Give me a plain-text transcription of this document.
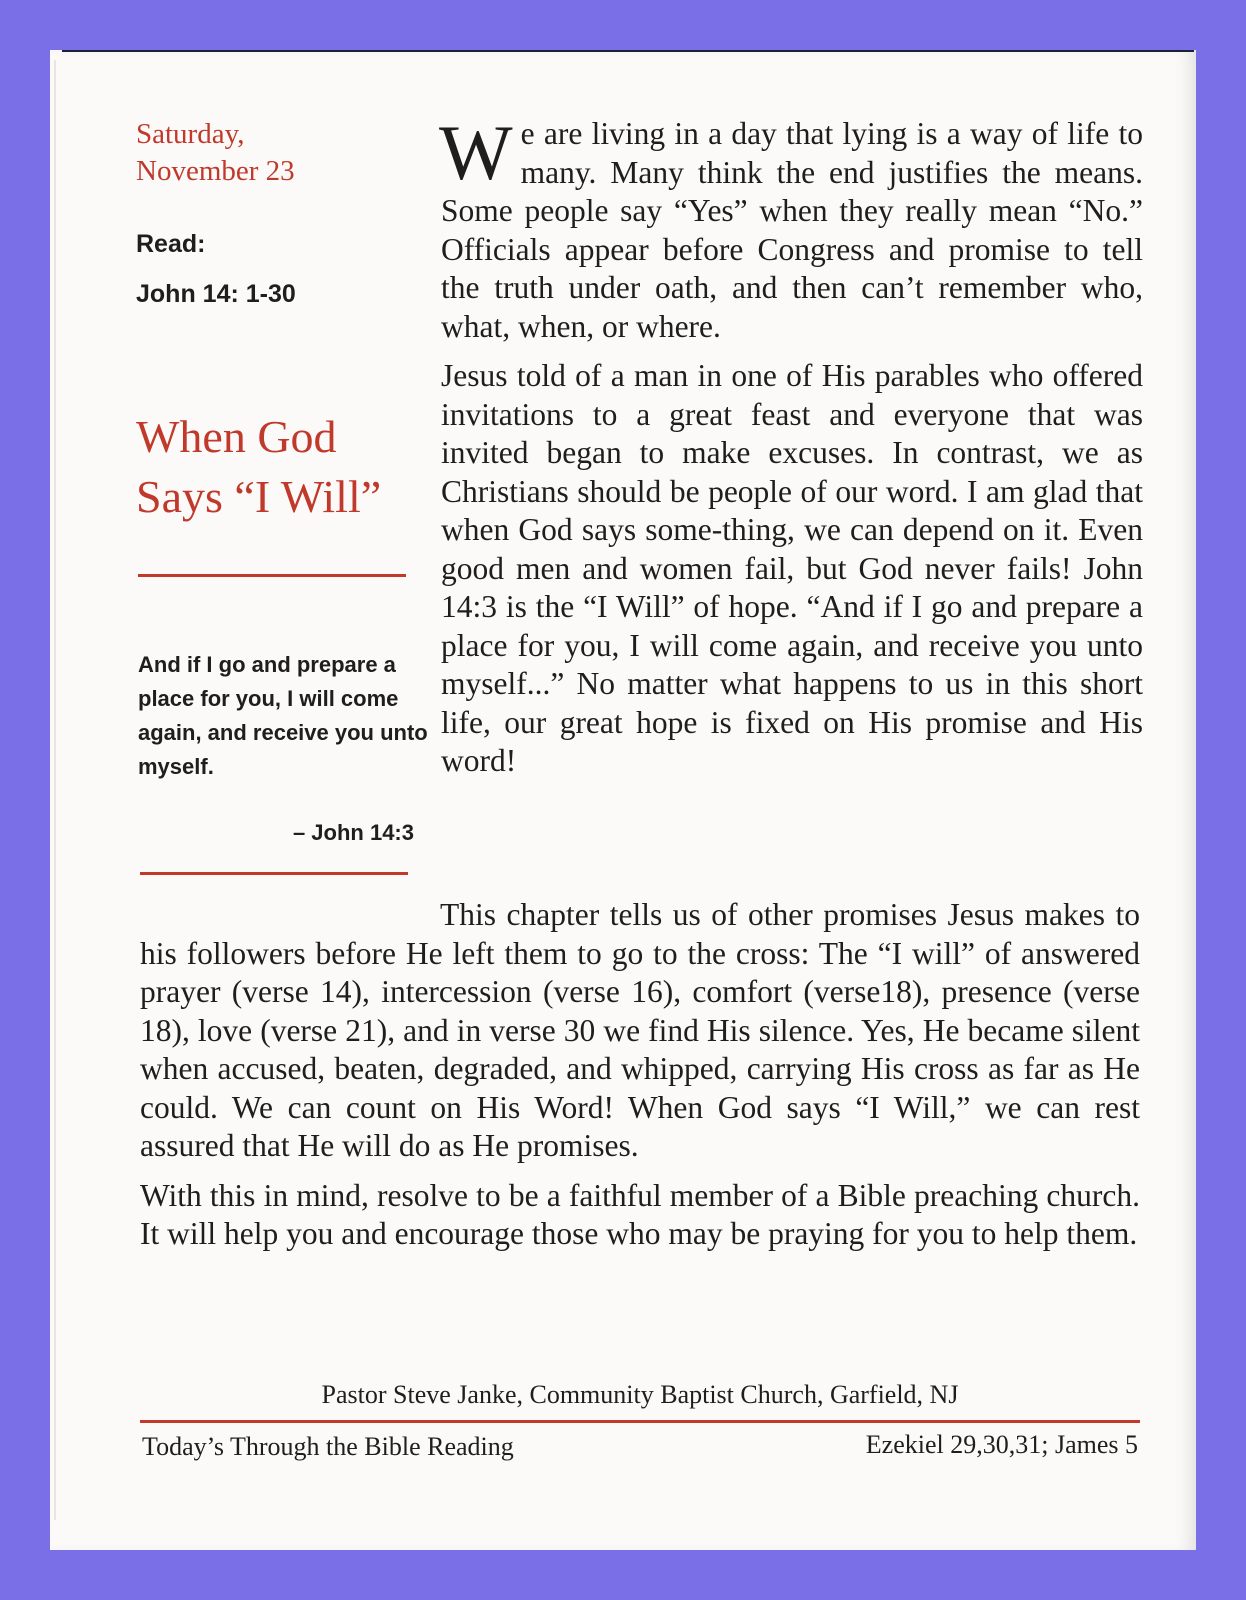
Saturday,
November 23
Read:
John 14: 1-30
When God
Says “I Will”
And if I go and prepare a place for you, I will come again, and receive you unto myself.
– John 14:3

We are living in a day that lying is a way of life to many. Many think the end justifies the means. Some people say “Yes” when they really mean “No.” Officials appear before Congress and promise to tell the truth under oath, and then can’t remember who, what, when, or where.

Jesus told of a man in one of His parables who offered invitations to a great feast and everyone that was invited began to make excuses. In contrast, we as Christians should be people of our word. I am glad that when God says some-thing, we can depend on it. Even good men and women fail, but God never fails! John 14:3 is the “I Will” of hope. “And if I go and prepare a place for you, I will come again, and receive you unto myself...” No matter what happens to us in this short life, our great hope is fixed on His promise and His word!

This chapter tells us of other promises Jesus makes to his followers before He left them to go to the cross: The “I will” of answered prayer (verse 14), intercession (verse 16), comfort (verse18), presence (verse 18), love (verse 21), and in verse 30 we find His silence. Yes, He became silent when accused, beaten, degraded, and whipped, carrying His cross as far as He could. We can count on His Word! When God says “I Will,” we can rest assured that He will do as He promises.

With this in mind, resolve to be a faithful member of a Bible preaching church. It will help you and encourage those who may be praying for you to help them.

Pastor Steve Janke, Community Baptist Church, Garfield, NJ
Today’s Through the Bible Reading	Ezekiel 29,30,31; James 5
